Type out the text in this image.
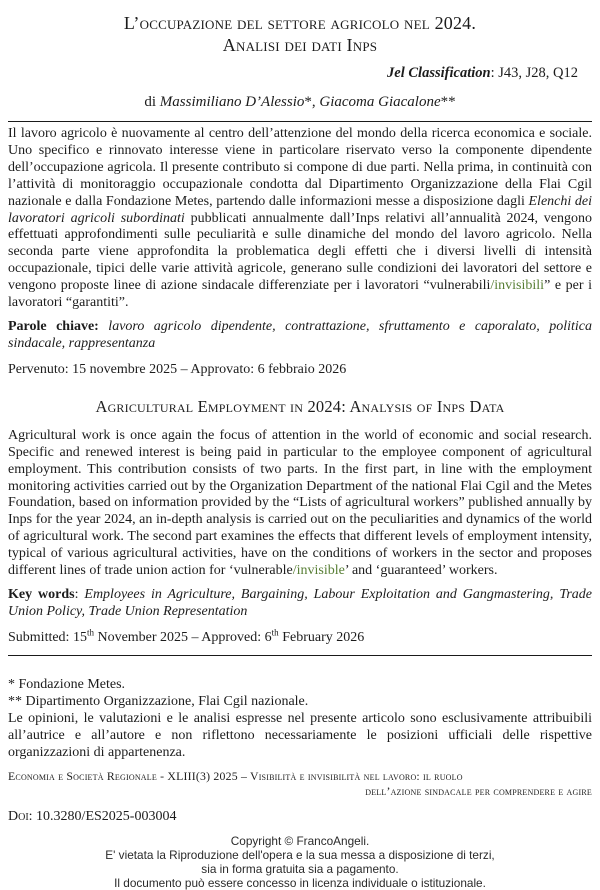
L’occupazione del settore agricolo nel 2024.
Analisi dei dati Inps
Jel Classification: J43, J28, Q12
di Massimiliano D’Alessio*, Giacoma Giacalone**

Il lavoro agricolo è nuovamente al centro dell’attenzione del mondo della ricerca economica e sociale. Uno specifico e rinnovato interesse viene in particolare riservato verso la componente dipendente dell’occupazione agricola. Il presente contributo si compone di due parti. Nella prima, in continuità con l’attività di monitoraggio occupazionale condotta dal Dipartimento Organizzazione della Flai Cgil nazionale e dalla Fondazione Metes, partendo dalle informazioni messe a disposizione dagli Elenchi dei lavoratori agricoli subordinati pubblicati annualmente dall’Inps relativi all’annualità 2024, vengono effettuati approfondimenti sulle peculiarità e sulle dinamiche del mondo del lavoro agricolo. Nella seconda parte viene approfondita la problematica degli effetti che i diversi livelli di intensità occupazionale, tipici delle varie attività agricole, generano sulle condizioni dei lavoratori del settore e vengono proposte linee di azione sindacale differenziate per i lavoratori “vulnerabili/invisibili” e per i lavoratori “garantiti”.

Parole chiave: lavoro agricolo dipendente, contrattazione, sfruttamento e caporalato, politica sindacale, rappresentanza

Pervenuto: 15 novembre 2025 – Approvato: 6 febbraio 2026

Agricultural Employment in 2024: Analysis of Inps Data

Agricultural work is once again the focus of attention in the world of economic and social research. Specific and renewed interest is being paid in particular to the employee component of agricultural employment. This contribution consists of two parts. In the first part, in line with the employment monitoring activities carried out by the Organization Department of the national Flai Cgil and the Metes Foundation, based on information provided by the “Lists of agricultural workers” published annually by Inps for the year 2024, an in-depth analysis is carried out on the peculiarities and dynamics of the world of agricultural work. The second part examines the effects that different levels of employment intensity, typical of various agricultural activities, have on the conditions of workers in the sector and proposes different lines of trade union action for ‘vulnerable/invisible’ and ‘guaranteed’ workers.

Key words: Employees in Agriculture, Bargaining, Labour Exploitation and Gangmastering, Trade Union Policy, Trade Union Representation

Submitted: 15th November 2025 – Approved: 6th February 2026

* Fondazione Metes.
** Dipartimento Organizzazione, Flai Cgil nazionale.
Le opinioni, le valutazioni e le analisi espresse nel presente articolo sono esclusivamente attribuibili all’autrice e all’autore e non riflettono necessariamente le posizioni ufficiali delle rispettive organizzazioni di appartenenza.
Economia e Società Regionale - XLIII(3) 2025 – Visibilità e invisibilità nel lavoro: il ruolo
dell’azione sindacale per comprendere e agire
Doi: 10.3280/ES2025-003004
Copyright © FrancoAngeli.
E' vietata la Riproduzione dell'opera e la sua messa a disposizione di terzi,
sia in forma gratuita sia a pagamento.
Il documento può essere concesso in licenza individuale o istituzionale.
